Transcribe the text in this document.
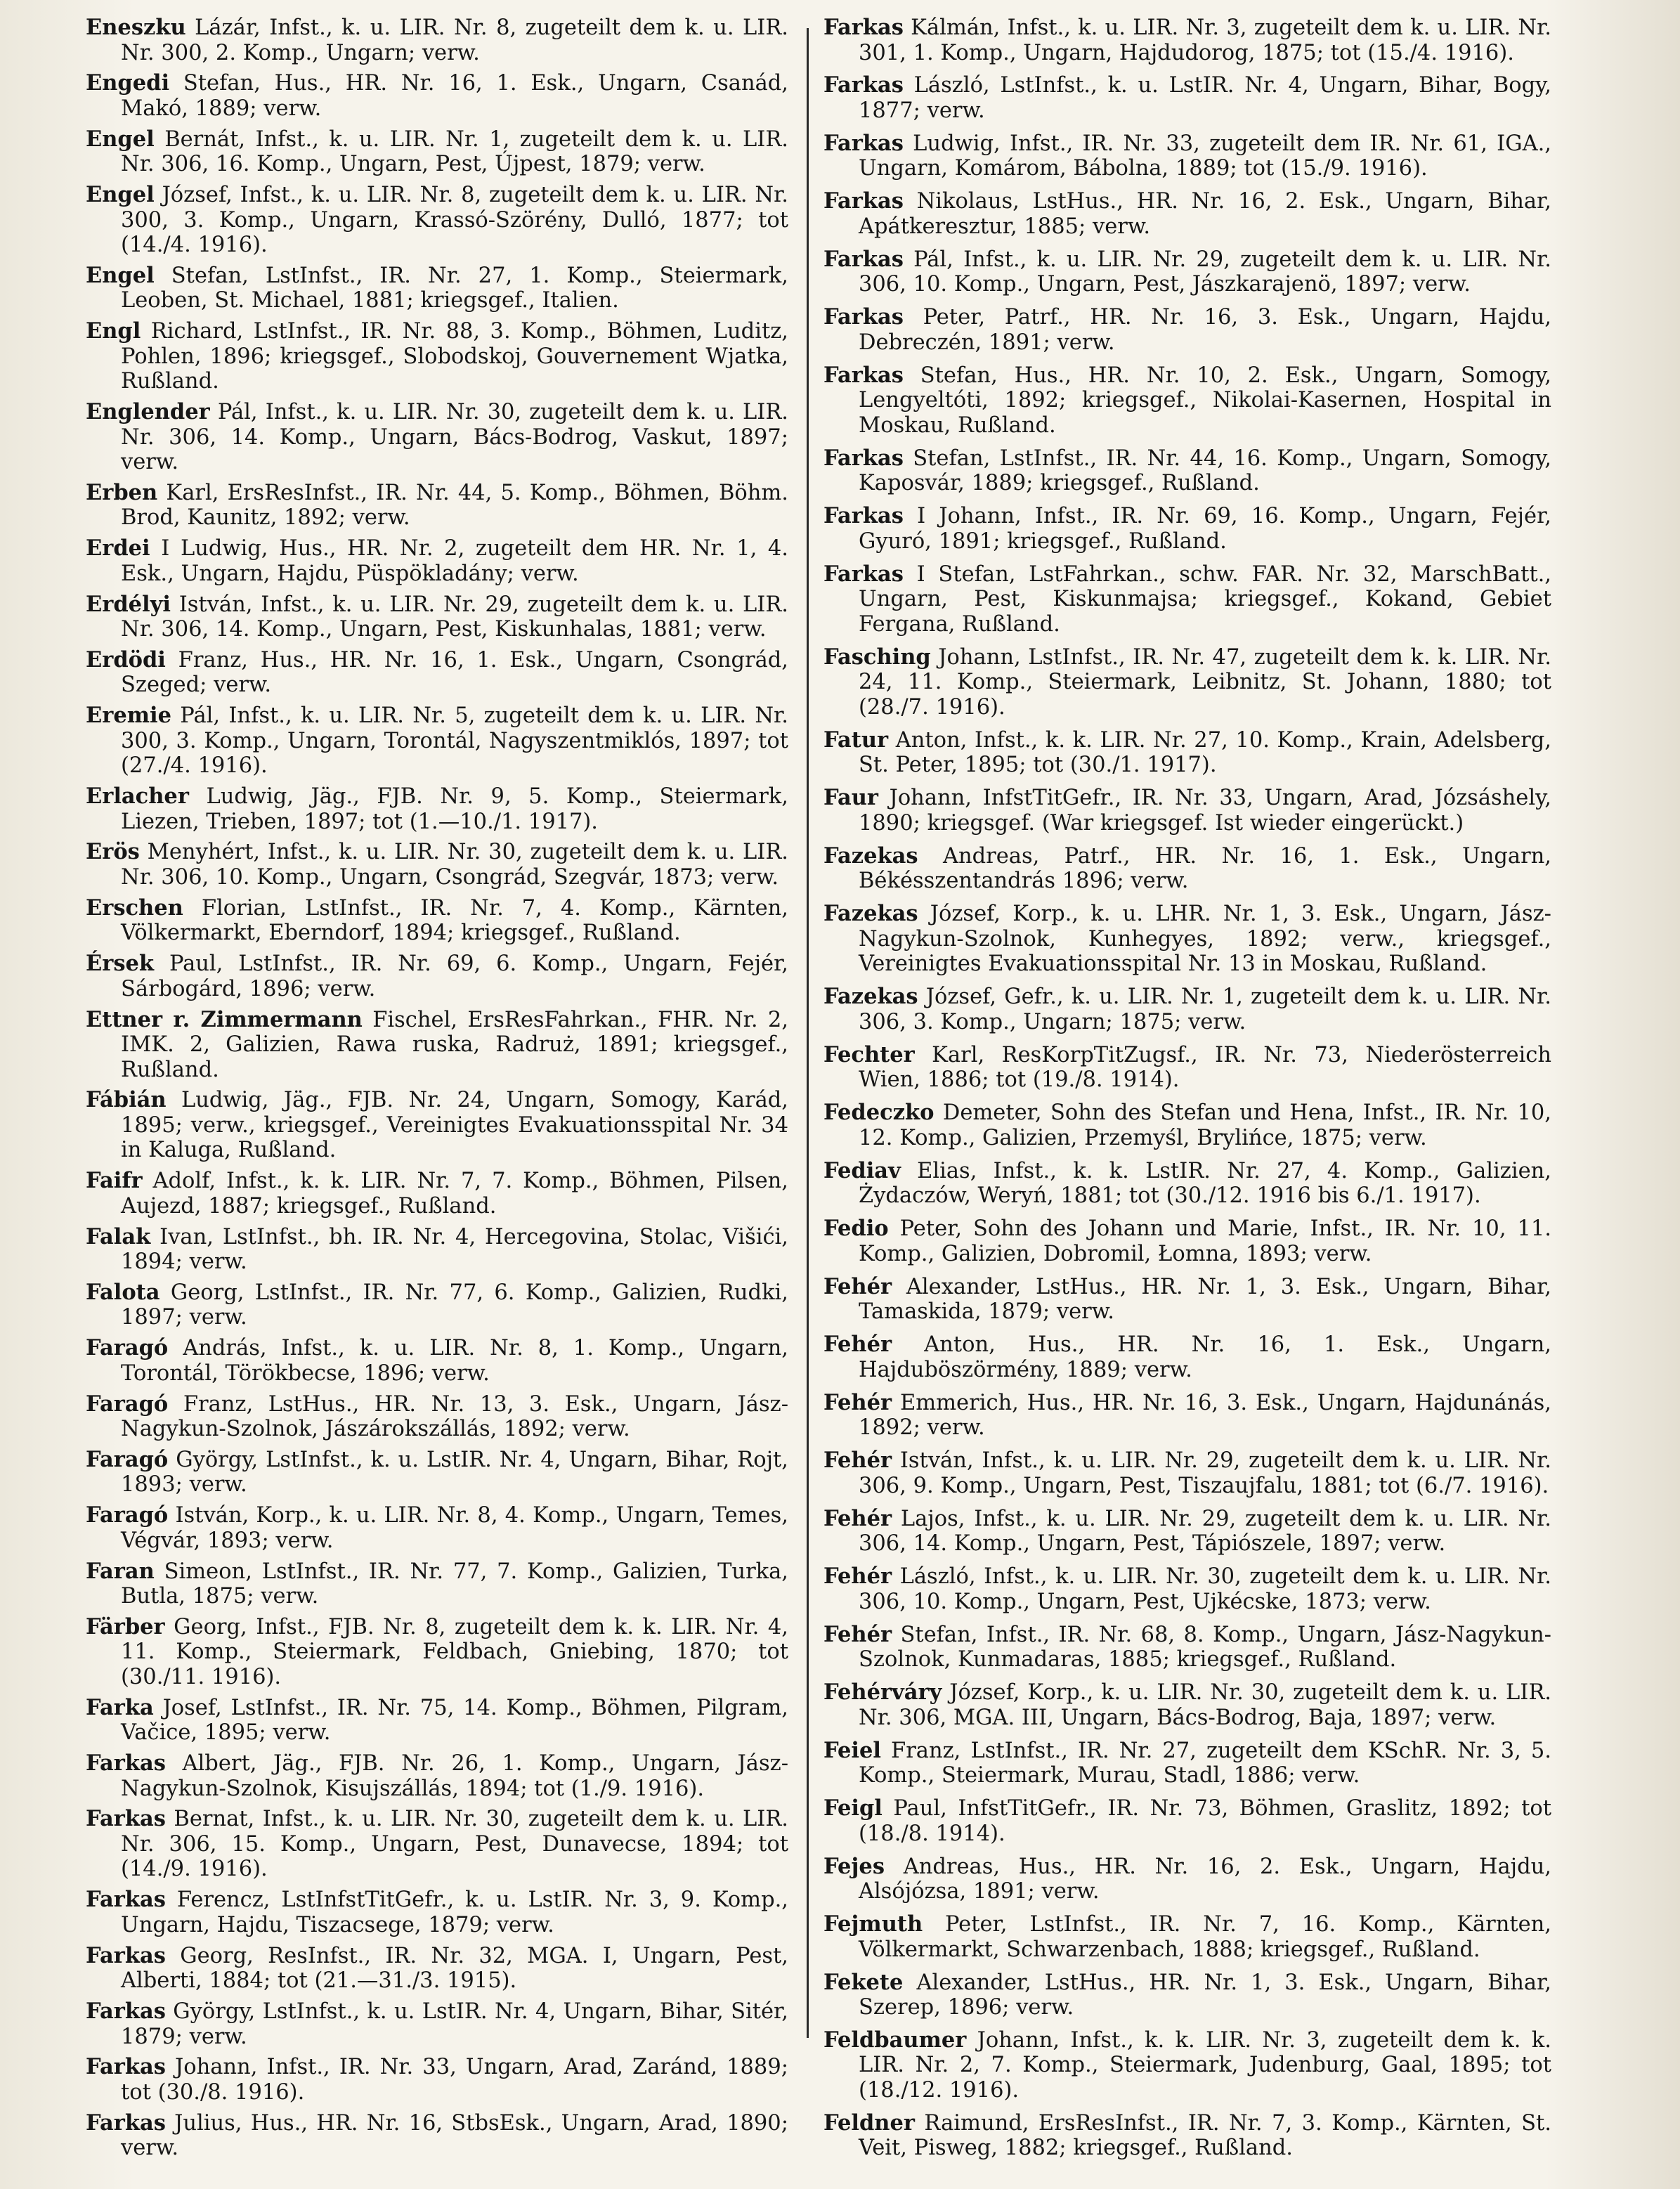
Eneszku Lázár, Infst., k. u. LIR. Nr. 8, zugeteilt dem k. u. LIR. Nr. 300, 2. Komp., Ungarn; verw.

Engedi Stefan, Hus., HR. Nr. 16, 1. Esk., Ungarn, Csanád, Makó, 1889; verw.

Engel Bernát, Infst., k. u. LIR. Nr. 1, zugeteilt dem k. u. LIR. Nr. 306, 16. Komp., Ungarn, Pest, Újpest, 1879; verw.

Engel József, Infst., k. u. LIR. Nr. 8, zugeteilt dem k. u. LIR. Nr. 300, 3. Komp., Ungarn, Krassó-Szörény, Dulló, 1877; tot (14./4. 1916).

Engel Stefan, LstInfst., IR. Nr. 27, 1. Komp., Steiermark, Leoben, St. Michael, 1881; kriegsgef., Italien.

Engl Richard, LstInfst., IR. Nr. 88, 3. Komp., Böhmen, Luditz, Pohlen, 1896; kriegsgef., Slobodskoj, Gouvernement Wjatka, Rußland.

Englender Pál, Infst., k. u. LIR. Nr. 30, zugeteilt dem k. u. LIR. Nr. 306, 14. Komp., Ungarn, Bács-Bodrog, Vaskut, 1897; verw.

Erben Karl, ErsResInfst., IR. Nr. 44, 5. Komp., Böhmen, Böhm. Brod, Kaunitz, 1892; verw.

Erdei I Ludwig, Hus., HR. Nr. 2, zugeteilt dem HR. Nr. 1, 4. Esk., Ungarn, Hajdu, Püspökladány; verw.

Erdélyi István, Infst., k. u. LIR. Nr. 29, zugeteilt dem k. u. LIR. Nr. 306, 14. Komp., Ungarn, Pest, Kiskunhalas, 1881; verw.

Erdödi Franz, Hus., HR. Nr. 16, 1. Esk., Ungarn, Csongrád, Szeged; verw.

Eremie Pál, Infst., k. u. LIR. Nr. 5, zugeteilt dem k. u. LIR. Nr. 300, 3. Komp., Ungarn, Torontál, Nagyszentmiklós, 1897; tot (27./4. 1916).

Erlacher Ludwig, Jäg., FJB. Nr. 9, 5. Komp., Steiermark, Liezen, Trieben, 1897; tot (1.—10./1. 1917).

Erös Menyhért, Infst., k. u. LIR. Nr. 30, zugeteilt dem k. u. LIR. Nr. 306, 10. Komp., Ungarn, Csongrád, Szegvár, 1873; verw.

Erschen Florian, LstInfst., IR. Nr. 7, 4. Komp., Kärnten, Völkermarkt, Eberndorf, 1894; kriegsgef., Rußland.

Érsek Paul, LstInfst., IR. Nr. 69, 6. Komp., Ungarn, Fejér, Sárbogárd, 1896; verw.

Ettner r. Zimmermann Fischel, ErsResFahrkan., FHR. Nr. 2, IMK. 2, Galizien, Rawa ruska, Radruż, 1891; kriegsgef., Rußland.

Fábián Ludwig, Jäg., FJB. Nr. 24, Ungarn, Somogy, Karád, 1895; verw., kriegsgef., Vereinigtes Evakuationsspital Nr. 34 in Kaluga, Rußland.

Faifr Adolf, Infst., k. k. LIR. Nr. 7, 7. Komp., Böhmen, Pilsen, Aujezd, 1887; kriegsgef., Rußland.

Falak Ivan, LstInfst., bh. IR. Nr. 4, Hercegovina, Stolac, Višići, 1894; verw.

Falota Georg, LstInfst., IR. Nr. 77, 6. Komp., Galizien, Rudki, 1897; verw.

Faragó András, Infst., k. u. LIR. Nr. 8, 1. Komp., Ungarn, Torontál, Törökbecse, 1896; verw.

Faragó Franz, LstHus., HR. Nr. 13, 3. Esk., Ungarn, Jász-Nagykun-Szolnok, Jászárokszállás, 1892; verw.

Faragó György, LstInfst., k. u. LstIR. Nr. 4, Ungarn, Bihar, Rojt, 1893; verw.

Faragó István, Korp., k. u. LIR. Nr. 8, 4. Komp., Ungarn, Temes, Végvár, 1893; verw.

Faran Simeon, LstInfst., IR. Nr. 77, 7. Komp., Galizien, Turka, Butla, 1875; verw.

Färber Georg, Infst., FJB. Nr. 8, zugeteilt dem k. k. LIR. Nr. 4, 11. Komp., Steiermark, Feldbach, Gniebing, 1870; tot (30./11. 1916).

Farka Josef, LstInfst., IR. Nr. 75, 14. Komp., Böhmen, Pilgram, Vačice, 1895; verw.

Farkas Albert, Jäg., FJB. Nr. 26, 1. Komp., Ungarn, Jász-Nagykun-Szolnok, Kisujszállás, 1894; tot (1./9. 1916).

Farkas Bernat, Infst., k. u. LIR. Nr. 30, zugeteilt dem k. u. LIR. Nr. 306, 15. Komp., Ungarn, Pest, Dunavecse, 1894; tot (14./9. 1916).

Farkas Ferencz, LstInfstTitGefr., k. u. LstIR. Nr. 3, 9. Komp., Ungarn, Hajdu, Tiszacsege, 1879; verw.

Farkas Georg, ResInfst., IR. Nr. 32, MGA. I, Ungarn, Pest, Alberti, 1884; tot (21.—31./3. 1915).

Farkas György, LstInfst., k. u. LstIR. Nr. 4, Ungarn, Bihar, Sitér, 1879; verw.

Farkas Johann, Infst., IR. Nr. 33, Ungarn, Arad, Zaránd, 1889; tot (30./8. 1916).

Farkas Julius, Hus., HR. Nr. 16, StbsEsk., Ungarn, Arad, 1890; verw.

Farkas Kálmán, Infst., k. u. LIR. Nr. 3, zugeteilt dem k. u. LIR. Nr. 301, 1. Komp., Ungarn, Hajdudorog, 1875; tot (15./4. 1916).

Farkas László, LstInfst., k. u. LstIR. Nr. 4, Ungarn, Bihar, Bogy, 1877; verw.

Farkas Ludwig, Infst., IR. Nr. 33, zugeteilt dem IR. Nr. 61, IGA., Ungarn, Komárom, Bábolna, 1889; tot (15./9. 1916).

Farkas Nikolaus, LstHus., HR. Nr. 16, 2. Esk., Ungarn, Bihar, Apátkeresztur, 1885; verw.

Farkas Pál, Infst., k. u. LIR. Nr. 29, zugeteilt dem k. u. LIR. Nr. 306, 10. Komp., Ungarn, Pest, Jászkarajenö, 1897; verw.

Farkas Peter, Patrf., HR. Nr. 16, 3. Esk., Ungarn, Hajdu, Debreczén, 1891; verw.

Farkas Stefan, Hus., HR. Nr. 10, 2. Esk., Ungarn, Somogy, Lengyeltóti, 1892; kriegsgef., Nikolai-Kasernen, Hospital in Moskau, Rußland.

Farkas Stefan, LstInfst., IR. Nr. 44, 16. Komp., Ungarn, Somogy, Kaposvár, 1889; kriegsgef., Rußland.

Farkas I Johann, Infst., IR. Nr. 69, 16. Komp., Ungarn, Fejér, Gyuró, 1891; kriegsgef., Rußland.

Farkas I Stefan, LstFahrkan., schw. FAR. Nr. 32, MarschBatt., Ungarn, Pest, Kiskunmajsa; kriegsgef., Kokand, Gebiet Fergana, Rußland.

Fasching Johann, LstInfst., IR. Nr. 47, zugeteilt dem k. k. LIR. Nr. 24, 11. Komp., Steiermark, Leibnitz, St. Johann, 1880; tot (28./7. 1916).

Fatur Anton, Infst., k. k. LIR. Nr. 27, 10. Komp., Krain, Adelsberg, St. Peter, 1895; tot (30./1. 1917).

Faur Johann, InfstTitGefr., IR. Nr. 33, Ungarn, Arad, Józsáshely, 1890; kriegsgef. (War kriegsgef. Ist wieder eingerückt.)

Fazekas Andreas, Patrf., HR. Nr. 16, 1. Esk., Ungarn, Békésszentandrás 1896; verw.

Fazekas József, Korp., k. u. LHR. Nr. 1, 3. Esk., Ungarn, Jász-Nagykun-Szolnok, Kunhegyes, 1892; verw., kriegsgef., Vereinigtes Evakuationsspital Nr. 13 in Moskau, Rußland.

Fazekas József, Gefr., k. u. LIR. Nr. 1, zugeteilt dem k. u. LIR. Nr. 306, 3. Komp., Ungarn; 1875; verw.

Fechter Karl, ResKorpTitZugsf., IR. Nr. 73, Niederösterreich Wien, 1886; tot (19./8. 1914).

Fedeczko Demeter, Sohn des Stefan und Hena, Infst., IR. Nr. 10, 12. Komp., Galizien, Przemyśl, Brylińce, 1875; verw.

Fediav Elias, Infst., k. k. LstIR. Nr. 27, 4. Komp., Galizien, Żydaczów, Weryń, 1881; tot (30./12. 1916 bis 6./1. 1917).

Fedio Peter, Sohn des Johann und Marie, Infst., IR. Nr. 10, 11. Komp., Galizien, Dobromil, Łomna, 1893; verw.

Fehér Alexander, LstHus., HR. Nr. 1, 3. Esk., Ungarn, Bihar, Tamaskida, 1879; verw.

Fehér Anton, Hus., HR. Nr. 16, 1. Esk., Ungarn, Hajduböszörmény, 1889; verw.

Fehér Emmerich, Hus., HR. Nr. 16, 3. Esk., Ungarn, Hajdunánás, 1892; verw.

Fehér István, Infst., k. u. LIR. Nr. 29, zugeteilt dem k. u. LIR. Nr. 306, 9. Komp., Ungarn, Pest, Tiszaujfalu, 1881; tot (6./7. 1916).

Fehér Lajos, Infst., k. u. LIR. Nr. 29, zugeteilt dem k. u. LIR. Nr. 306, 14. Komp., Ungarn, Pest, Tápiószele, 1897; verw.

Fehér László, Infst., k. u. LIR. Nr. 30, zugeteilt dem k. u. LIR. Nr. 306, 10. Komp., Ungarn, Pest, Ujkécske, 1873; verw.

Fehér Stefan, Infst., IR. Nr. 68, 8. Komp., Ungarn, Jász-Nagykun-Szolnok, Kunmadaras, 1885; kriegsgef., Rußland.

Fehérváry József, Korp., k. u. LIR. Nr. 30, zugeteilt dem k. u. LIR. Nr. 306, MGA. III, Ungarn, Bács-Bodrog, Baja, 1897; verw.

Feiel Franz, LstInfst., IR. Nr. 27, zugeteilt dem KSchR. Nr. 3, 5. Komp., Steiermark, Murau, Stadl, 1886; verw.

Feigl Paul, InfstTitGefr., IR. Nr. 73, Böhmen, Graslitz, 1892; tot (18./8. 1914).

Fejes Andreas, Hus., HR. Nr. 16, 2. Esk., Ungarn, Hajdu, Alsójózsa, 1891; verw.

Fejmuth Peter, LstInfst., IR. Nr. 7, 16. Komp., Kärnten, Völkermarkt, Schwarzenbach, 1888; kriegsgef., Rußland.

Fekete Alexander, LstHus., HR. Nr. 1, 3. Esk., Ungarn, Bihar, Szerep, 1896; verw.

Feldbaumer Johann, Infst., k. k. LIR. Nr. 3, zugeteilt dem k. k. LIR. Nr. 2, 7. Komp., Steiermark, Judenburg, Gaal, 1895; tot (18./12. 1916).

Feldner Raimund, ErsResInfst., IR. Nr. 7, 3. Komp., Kärnten, St. Veit, Pisweg, 1882; kriegsgef., Rußland.
